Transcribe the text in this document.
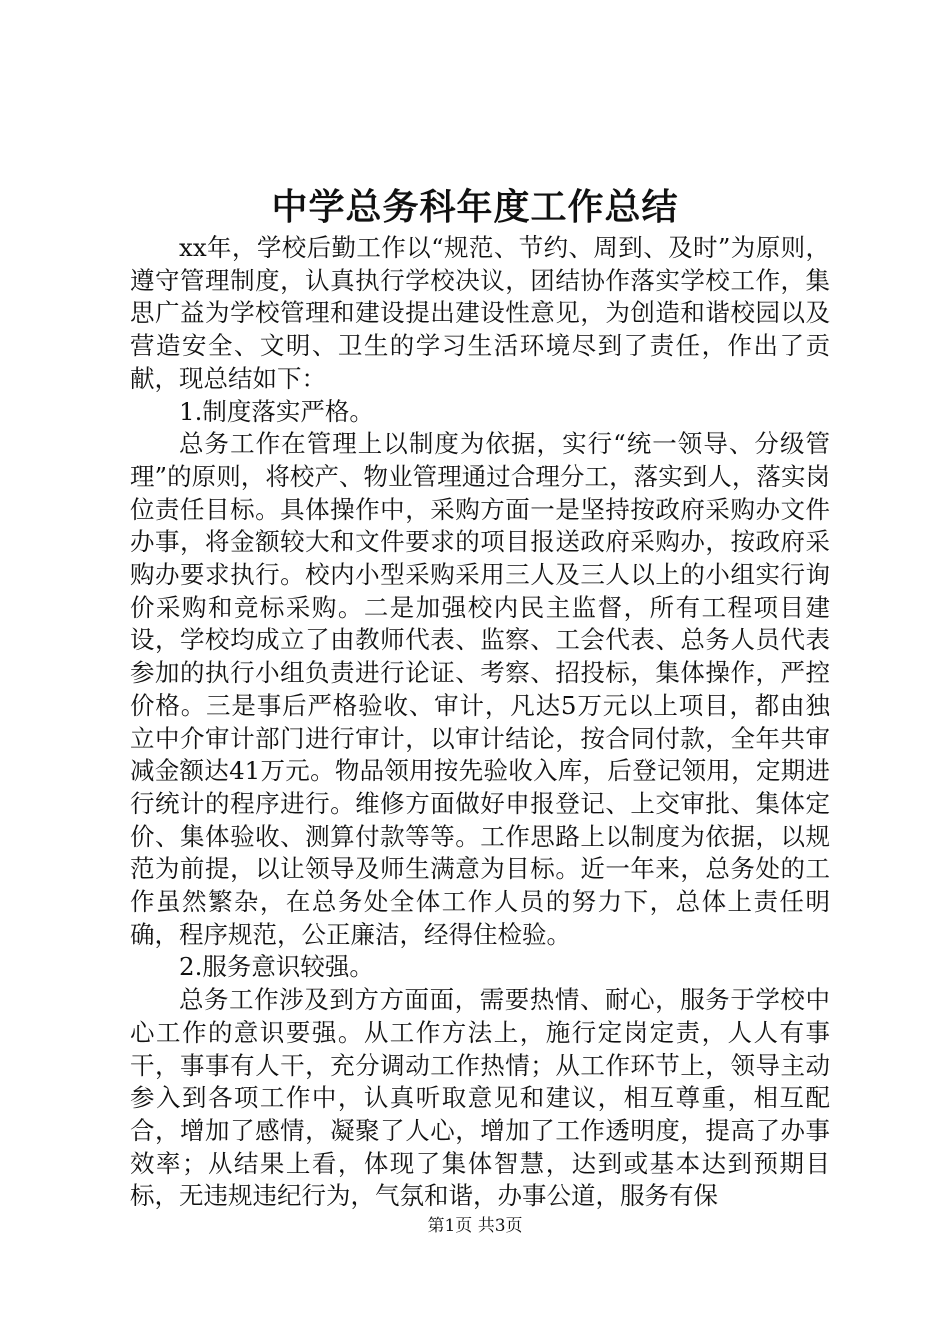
中学总务科年度工作总结

xx年，学校后勤工作以“规范、节约、周到、及时”为原则，遵守管理制度，认真执行学校决议，团结协作落实学校工作，集思广益为学校管理和建设提出建设性意见，为创造和谐校园以及营造安全、文明、卫生的学习生活环境尽到了责任，作出了贡献，现总结如下：

1.制度落实严格。

总务工作在管理上以制度为依据，实行“统一领导、分级管理”的原则，将校产、物业管理通过合理分工，落实到人，落实岗位责任目标。具体操作中，采购方面一是坚持按政府采购办文件办事，将金额较大和文件要求的项目报送政府采购办，按政府采购办要求执行。校内小型采购采用三人及三人以上的小组实行询价采购和竞标采购。二是加强校内民主监督，所有工程项目建设，学校均成立了由教师代表、监察、工会代表、总务人员代表参加的执行小组负责进行论证、考察、招投标，集体操作，严控价格。三是事后严格验收、审计，凡达5万元以上项目，都由独立中介审计部门进行审计，以审计结论，按合同付款，全年共审减金额达41万元。物品领用按先验收入库，后登记领用，定期进行统计的程序进行。维修方面做好申报登记、上交审批、集体定价、集体验收、测算付款等等。工作思路上以制度为依据，以规范为前提，以让领导及师生满意为目标。近一年来，总务处的工作虽然繁杂，在总务处全体工作人员的努力下，总体上责任明确，程序规范，公正廉洁，经得住检验。

2.服务意识较强。

总务工作涉及到方方面面，需要热情、耐心，服务于学校中心工作的意识要强。从工作方法上，施行定岗定责，人人有事干，事事有人干，充分调动工作热情；从工作环节上，领导主动参入到各项工作中，认真听取意见和建议，相互尊重，相互配合，增加了感情，凝聚了人心，增加了工作透明度，提高了办事效率；从结果上看，体现了集体智慧，达到或基本达到预期目标，无违规违纪行为，气氛和谐，办事公道，服务有保

第1页 共3页
